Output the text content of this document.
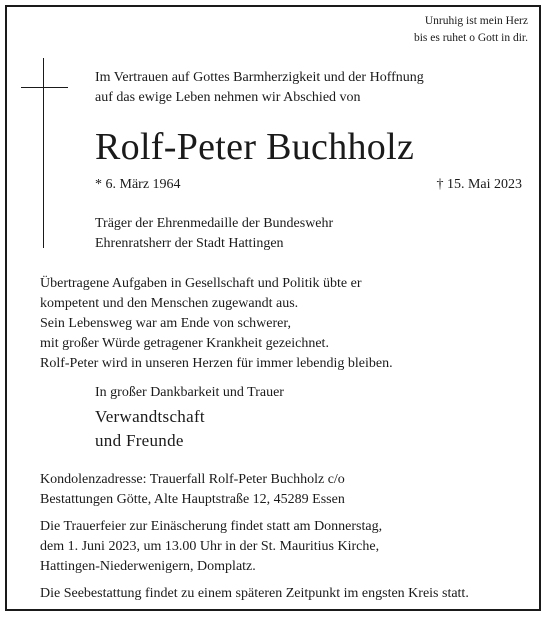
Unruhig ist mein Herz
bis es ruhet o Gott in dir.
Im Vertrauen auf Gottes Barmherzigkeit und der Hoffnung
auf das ewige Leben nehmen wir Abschied von
Rolf-Peter Buchholz
* 6. März 1964	† 15. Mai 2023
Träger der Ehrenmedaille der Bundeswehr
Ehrenratsherr der Stadt Hattingen
Übertragene Aufgaben in Gesellschaft und Politik übte er
kompetent und den Menschen zugewandt aus.
Sein Lebensweg war am Ende von schwerer,
mit großer Würde getragener Krankheit gezeichnet.
Rolf-Peter wird in unseren Herzen für immer lebendig bleiben.
In großer Dankbarkeit und Trauer
Verwandtschaft
und Freunde
Kondolenzadresse: Trauerfall Rolf-Peter Buchholz c/o
Bestattungen Götte, Alte Hauptstraße 12, 45289 Essen
Die Trauerfeier zur Einäscherung findet statt am Donnerstag,
dem 1. Juni 2023, um 13.00 Uhr in der St. Mauritius Kirche,
Hattingen-Niederwenigern, Domplatz.
Die Seebestattung findet zu einem späteren Zeitpunkt im engsten Kreis statt.
